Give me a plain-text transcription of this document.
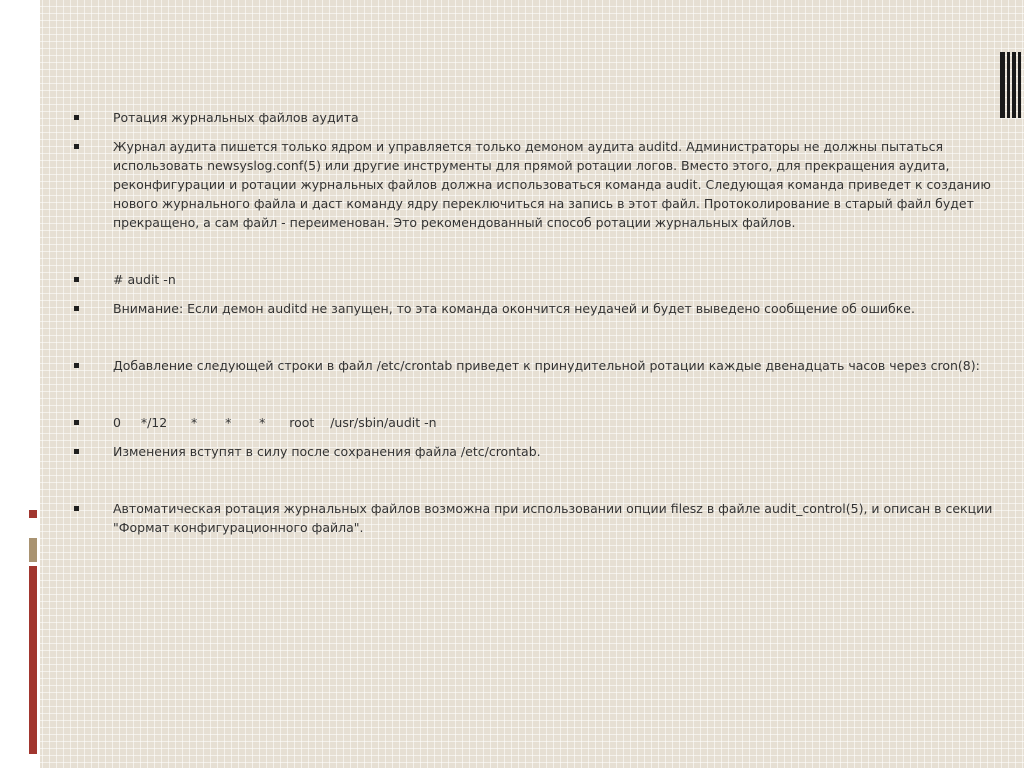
Ротация журнальных файлов аудита
Журнал аудита пишется только ядром и управляется только демоном аудита auditd. Администраторы не должны пытаться использовать newsyslog.conf(5) или другие инструменты для прямой ротации логов. Вместо этого, для прекращения аудита, реконфигурации и ротации журнальных файлов должна использоваться команда audit. Следующая команда приведет к созданию нового журнального файла и даст команду ядру переключиться на запись в этот файл. Протоколирование в старый файл будет прекращено, а сам файл - переименован. Это рекомендованный способ ротации журнальных файлов.
# audit -n
Внимание: Если демон auditd не запущен, то эта команда окончится неудачей и будет выведено сообщение об ошибке.
Добавление следующей строки в файл /etc/crontab приведет к принудительной ротации каждые двенадцать часов через cron(8):
0     */12      *       *       *      root    /usr/sbin/audit -n
Изменения вступят в силу после сохранения файла /etc/crontab.
Автоматическая ротация журнальных файлов возможна при использовании опции filesz в файле audit_control(5), и описан в секции "Формат конфигурационного файла".
